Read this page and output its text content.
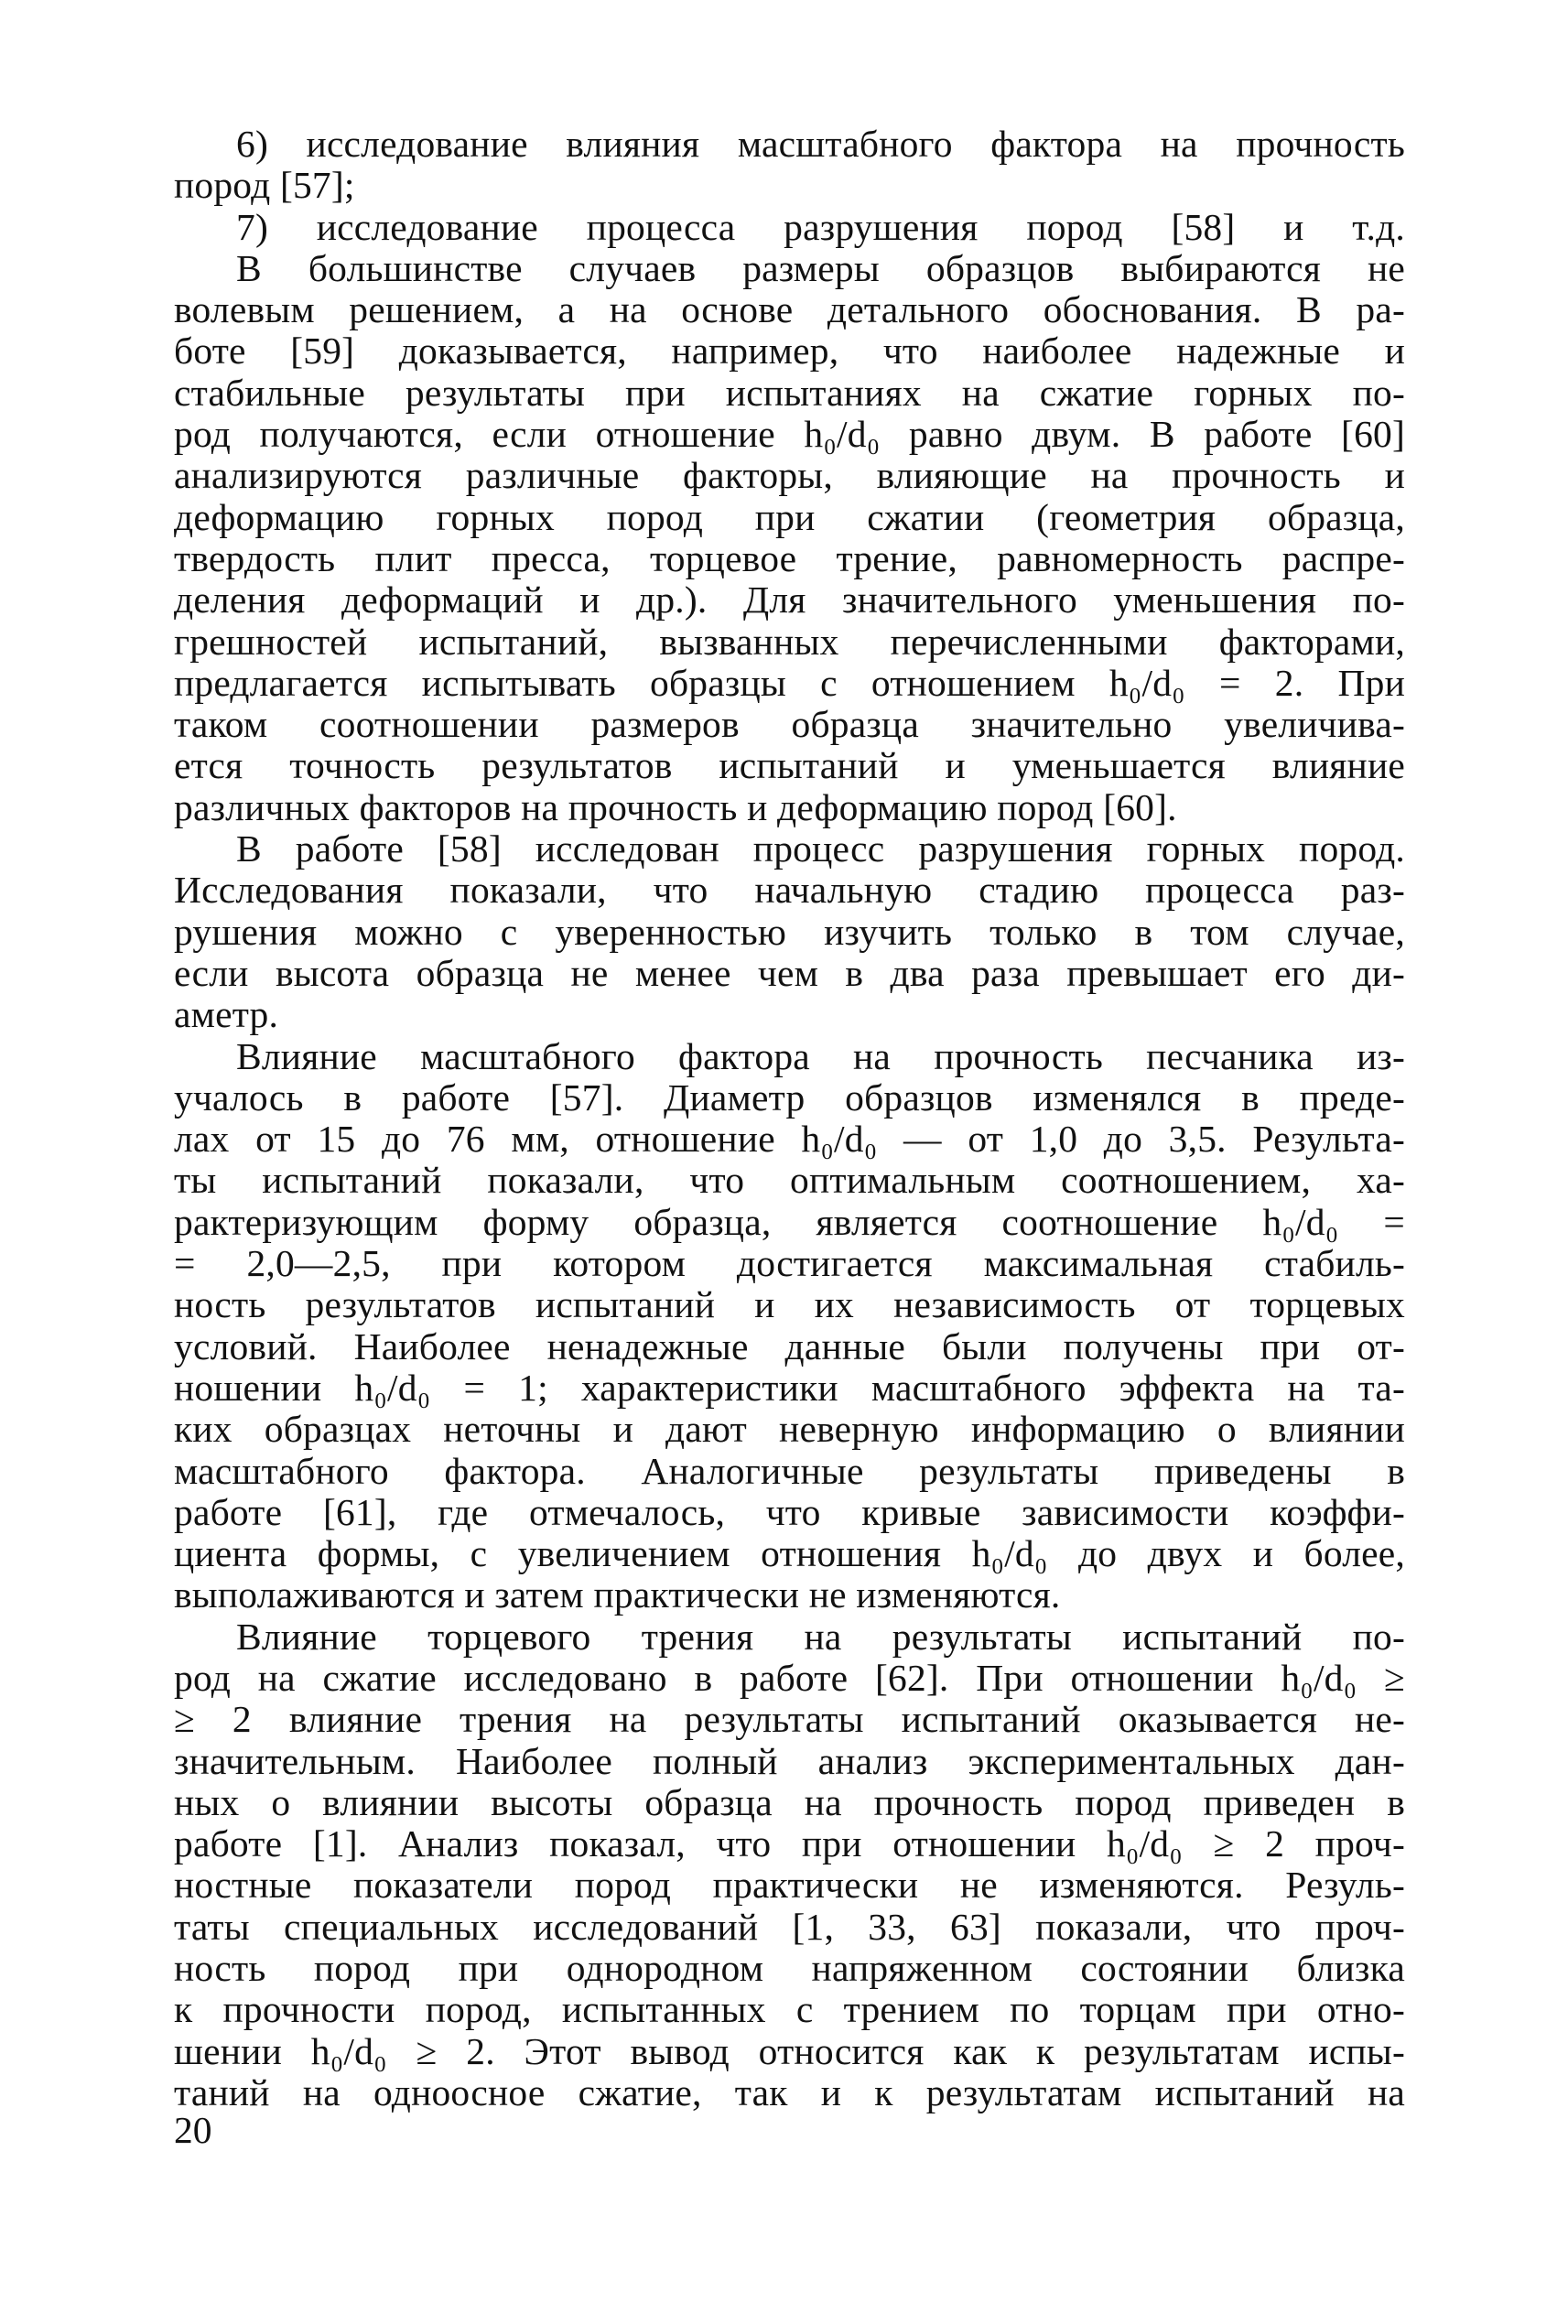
6) исследование влияния масштабного фактора на прочность
пород [57];
7) исследование процесса разрушения пород [58] и т.д.
В большинстве случаев размеры образцов выбираются не
волевым решением, а на основе детального обоснования. В ра-
боте [59] доказывается, например, что наиболее надежные и
стабильные результаты при испытаниях на сжатие горных по-
род получаются, если отношение h₀/d₀ равно двум. В работе [60]
анализируются различные факторы, влияющие на прочность и
деформацию горных пород при сжатии (геометрия образца,
твердость плит пресса, торцевое трение, равномерность распре-
деления деформаций и др.). Для значительного уменьшения по-
грешностей испытаний, вызванных перечисленными факторами,
предлагается испытывать образцы с отношением h₀/d₀ = 2. При
таком соотношении размеров образца значительно увеличива-
ется точность результатов испытаний и уменьшается влияние
различных факторов на прочность и деформацию пород [60].
В работе [58] исследован процесс разрушения горных пород.
Исследования показали, что начальную стадию процесса раз-
рушения можно с уверенностью изучить только в том случае,
если высота образца не менее чем в два раза превышает его ди-
аметр.
Влияние масштабного фактора на прочность песчаника из-
учалось в работе [57]. Диаметр образцов изменялся в преде-
лах от 15 до 76 мм, отношение h₀/d₀ — от 1,0 до 3,5. Результа-
ты испытаний показали, что оптимальным соотношением, ха-
рактеризующим форму образца, является соотношение h₀/d₀ =
= 2,0—2,5, при котором достигается максимальная стабиль-
ность результатов испытаний и их независимость от торцевых
условий. Наиболее ненадежные данные были получены при от-
ношении h₀/d₀ = 1; характеристики масштабного эффекта на та-
ких образцах неточны и дают неверную информацию о влиянии
масштабного фактора. Аналогичные результаты приведены в
работе [61], где отмечалось, что кривые зависимости коэффи-
циента формы, с увеличением отношения h₀/d₀ до двух и более,
выполаживаются и затем практически не изменяются.
Влияние торцевого трения на результаты испытаний по-
род на сжатие исследовано в работе [62]. При отношении h₀/d₀ ≥
≥ 2 влияние трения на результаты испытаний оказывается не-
значительным. Наиболее полный анализ экспериментальных дан-
ных о влиянии высоты образца на прочность пород приведен в
работе [1]. Анализ показал, что при отношении h₀/d₀ ≥ 2 проч-
ностные показатели пород практически не изменяются. Резуль-
таты специальных исследований [1, 33, 63] показали, что проч-
ность пород при однородном напряженном состоянии близка
к прочности пород, испытанных с трением по торцам при отно-
шении h₀/d₀ ≥ 2. Этот вывод относится как к результатам испы-
таний на одноосное сжатие, так и к результатам испытаний на
20
